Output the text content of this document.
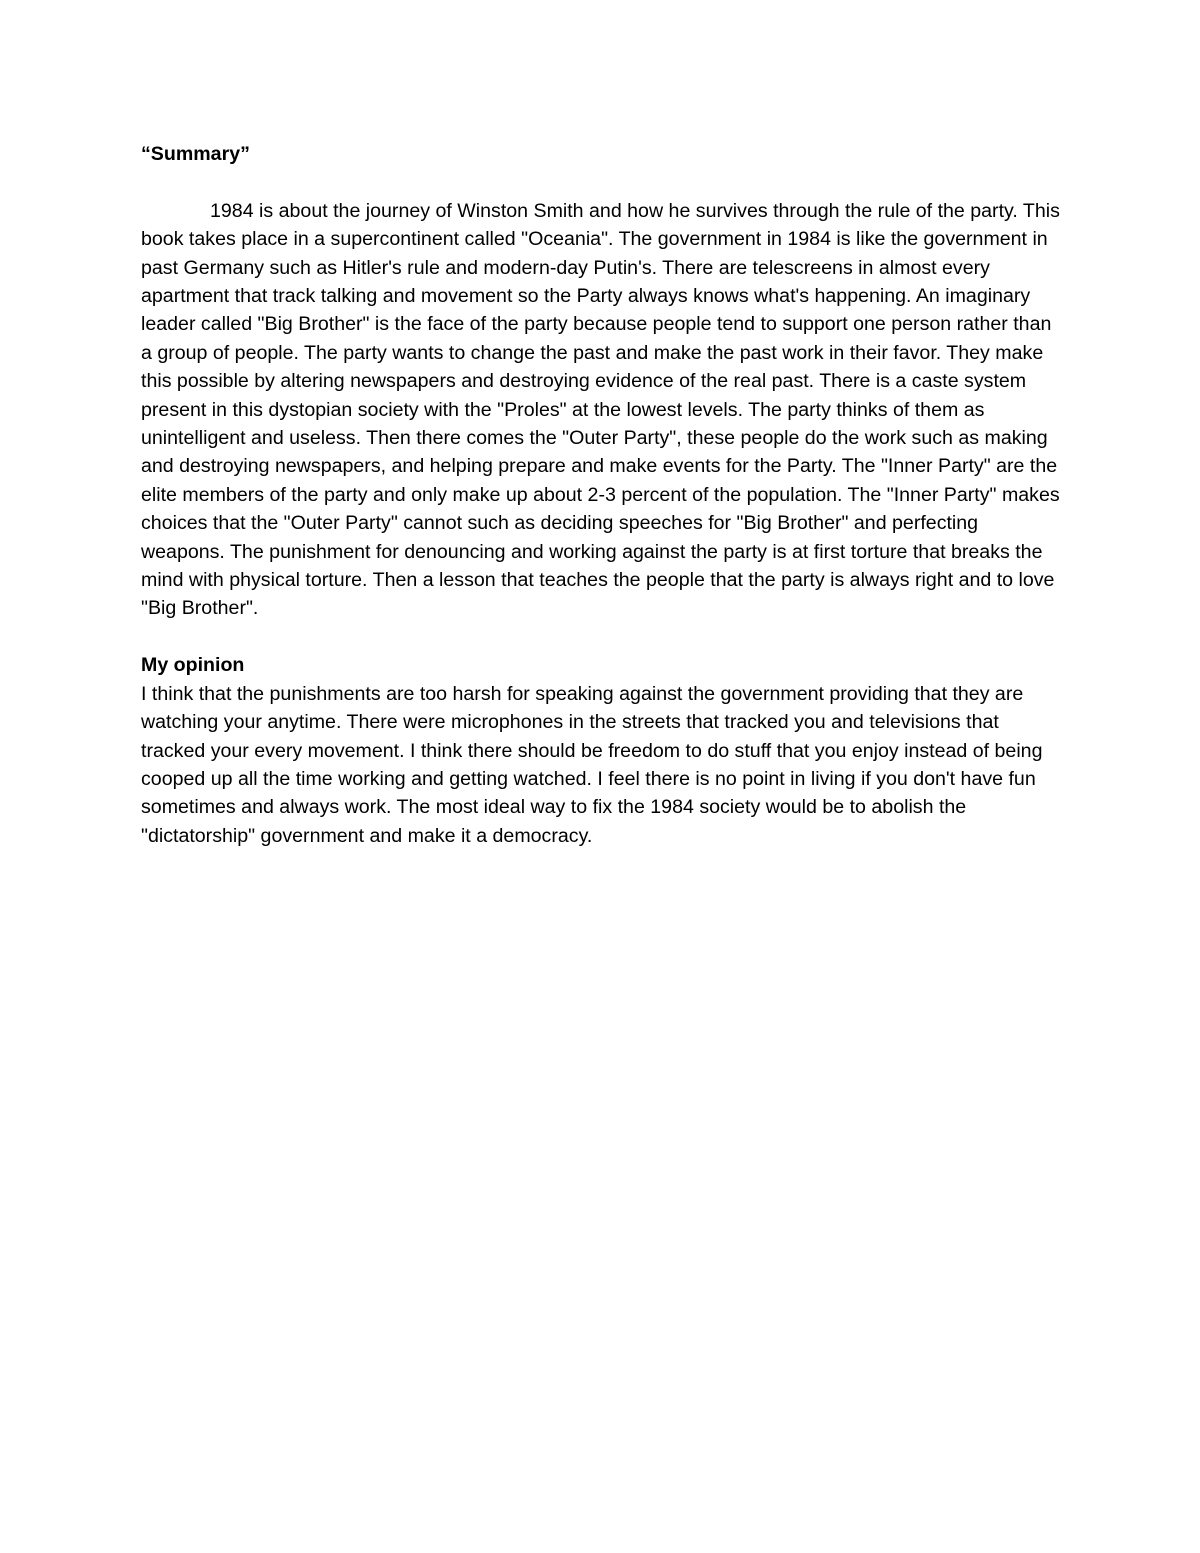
“Summary”

1984 is about the journey of Winston Smith and how he survives through the rule of the party. This book takes place in a supercontinent called "Oceania". The government in 1984 is like the government in past Germany such as Hitler's rule and modern-day Putin's. There are telescreens in almost every apartment that track talking and movement so the Party always knows what's happening. An imaginary leader called "Big Brother" is the face of the party because people tend to support one person rather than a group of people. The party wants to change the past and make the past work in their favor. They make this possible by altering newspapers and destroying evidence of the real past. There is a caste system present in this dystopian society with the "Proles" at the lowest levels. The party thinks of them as unintelligent and useless. Then there comes the "Outer Party", these people do the work such as making and destroying newspapers, and helping prepare and make events for the Party. The "Inner Party" are the elite members of the party and only make up about 2-3 percent of the population. The "Inner Party" makes choices that the "Outer Party" cannot such as deciding speeches for "Big Brother" and perfecting weapons. The punishment for denouncing and working against the party is at first torture that breaks the mind with physical torture. Then a lesson that teaches the people that the party is always right and to love "Big Brother".

My opinion

I think that the punishments are too harsh for speaking against the government providing that they are watching your anytime. There were microphones in the streets that tracked you and televisions that tracked your every movement. I think there should be freedom to do stuff that you enjoy instead of being cooped up all the time working and getting watched. I feel there is no point in living if you don't have fun sometimes and always work. The most ideal way to fix the 1984 society would be to abolish the "dictatorship" government and make it a democracy.
